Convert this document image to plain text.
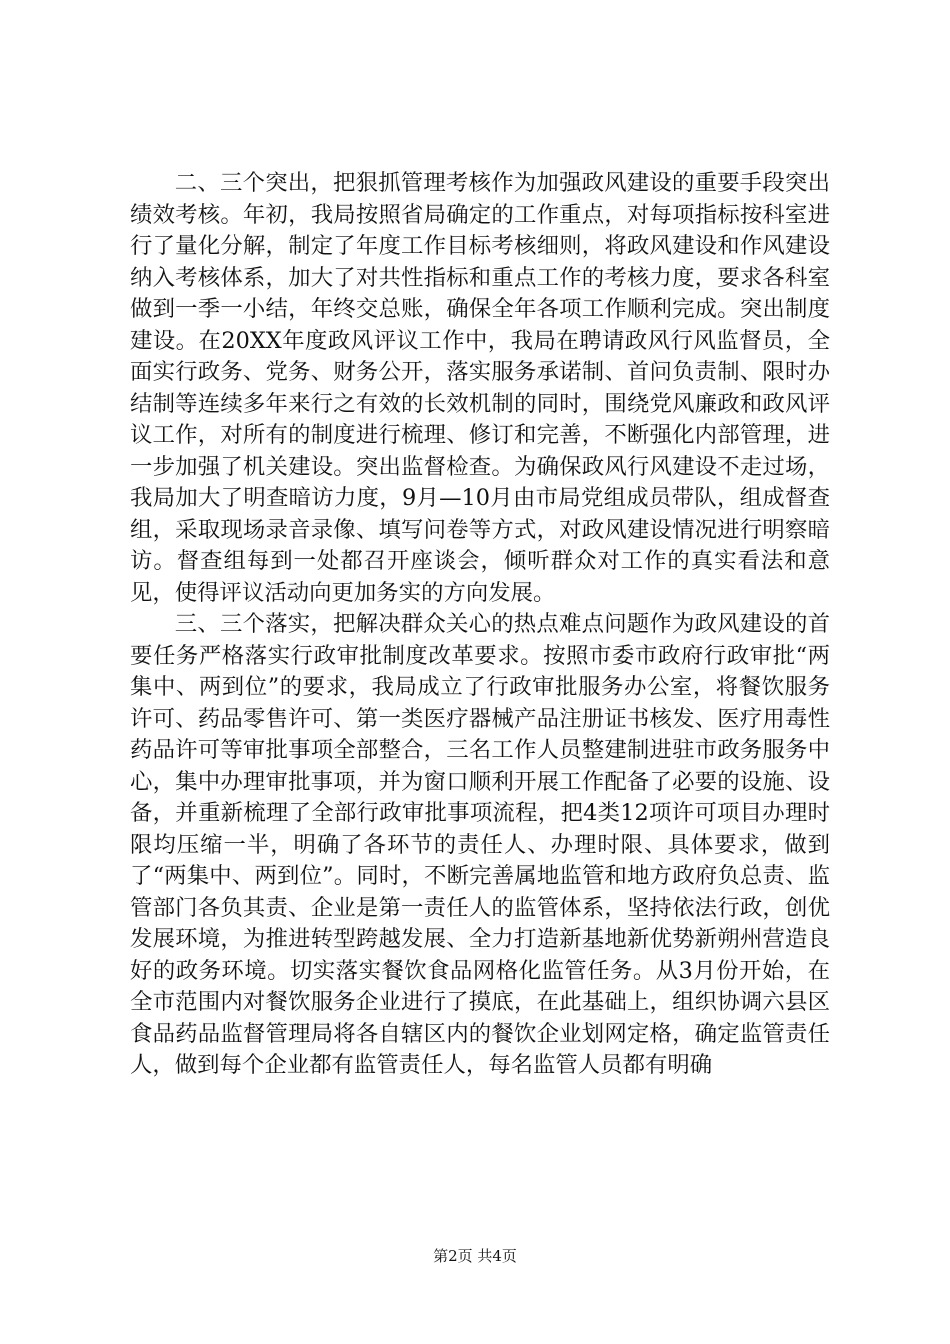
二、三个突出，把狠抓管理考核作为加强政风建设的重要手段突出绩效考核。年初，我局按照省局确定的工作重点，对每项指标按科室进行了量化分解，制定了年度工作目标考核细则，将政风建设和作风建设纳入考核体系，加大了对共性指标和重点工作的考核力度，要求各科室做到一季一小结，年终交总账，确保全年各项工作顺利完成。突出制度建设。在20XX年度政风评议工作中，我局在聘请政风行风监督员，全面实行政务、党务、财务公开，落实服务承诺制、首问负责制、限时办结制等连续多年来行之有效的长效机制的同时，围绕党风廉政和政风评议工作，对所有的制度进行梳理、修订和完善，不断强化内部管理，进一步加强了机关建设。突出监督检查。为确保政风行风建设不走过场，我局加大了明查暗访力度，9月—10月由市局党组成员带队，组成督查组，采取现场录音录像、填写问卷等方式，对政风建设情况进行明察暗访。督查组每到一处都召开座谈会，倾听群众对工作的真实看法和意见，使得评议活动向更加务实的方向发展。

三、三个落实，把解决群众关心的热点难点问题作为政风建设的首要任务严格落实行政审批制度改革要求。按照市委市政府行政审批“两集中、两到位”的要求，我局成立了行政审批服务办公室，将餐饮服务许可、药品零售许可、第一类医疗器械产品注册证书核发、医疗用毒性药品许可等审批事项全部整合，三名工作人员整建制进驻市政务服务中心，集中办理审批事项，并为窗口顺利开展工作配备了必要的设施、设备，并重新梳理了全部行政审批事项流程，把4类12项许可项目办理时限均压缩一半，明确了各环节的责任人、办理时限、具体要求，做到了“两集中、两到位”。同时，不断完善属地监管和地方政府负总责、监管部门各负其责、企业是第一责任人的监管体系，坚持依法行政，创优发展环境，为推进转型跨越发展、全力打造新基地新优势新朔州营造良好的政务环境。切实落实餐饮食品网格化监管任务。从3月份开始，在全市范围内对餐饮服务企业进行了摸底，在此基础上，组织协调六县区食品药品监督管理局将各自辖区内的餐饮企业划网定格，确定监管责任人，做到每个企业都有监管责任人，每名监管人员都有明确

第2页 共4页
